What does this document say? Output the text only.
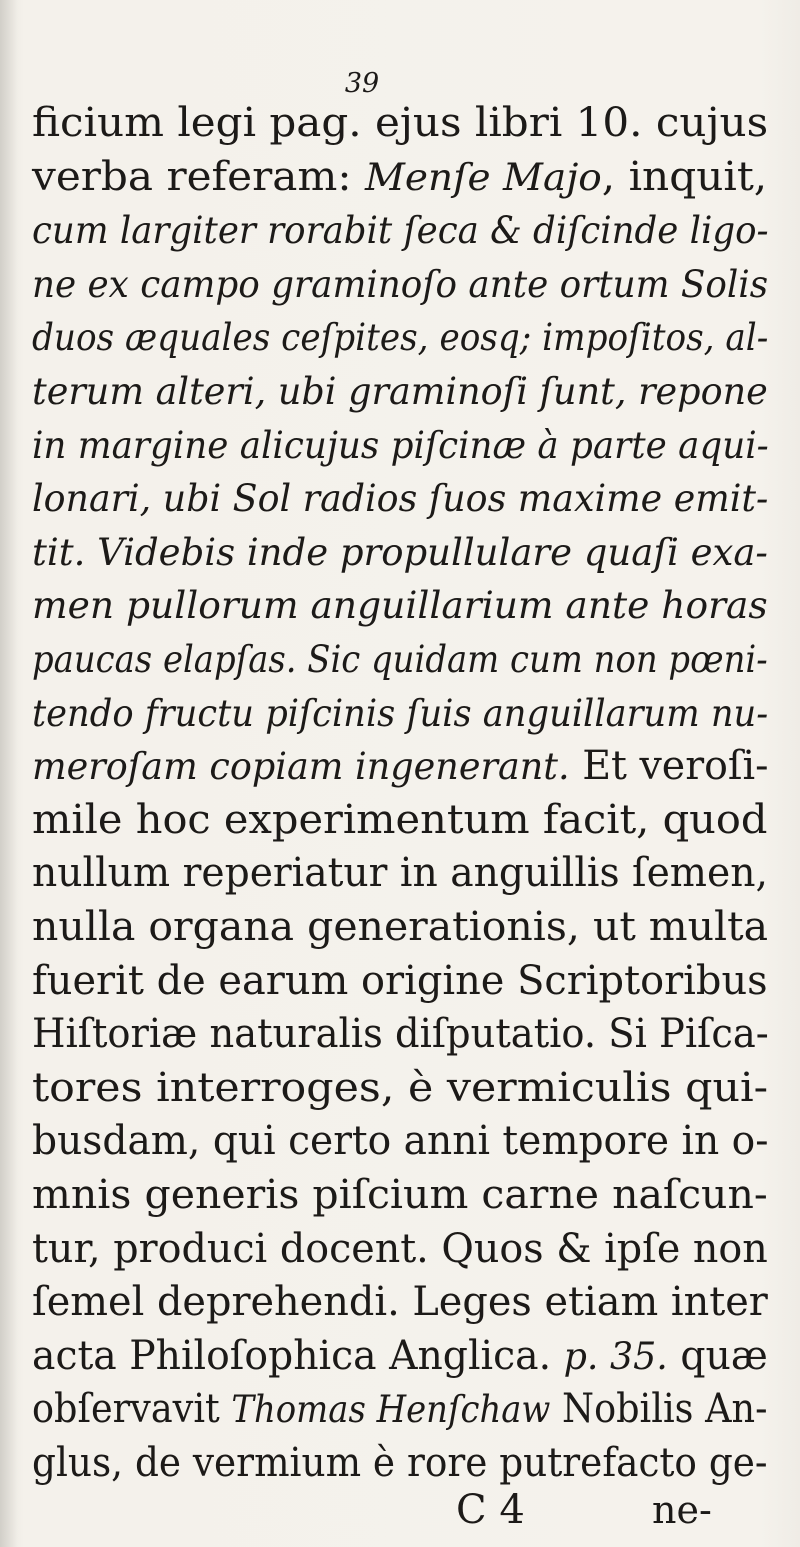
39
ficium legi pag. ejus libri 10. cujus
verba referam: Menſe Majo, inquit,
cum largiter rorabit ſeca & diſcinde ligo-
ne ex campo graminoſo ante ortum Solis
duos æquales ceſpites, eosq; impoſitos, al-
terum alteri, ubi graminoſi ſunt, repone
in margine alicujus piſcinæ à parte aqui-
lonari, ubi Sol radios ſuos maxime emit-
tit. Videbis inde propullulare quaſi exa-
men pullorum anguillarium ante horas
paucas elapſas. Sic quidam cum non pœni-
tendo fructu piſcinis ſuis anguillarum nu-
meroſam copiam ingenerant. Et veroſi-
mile hoc experimentum facit, quod
nullum reperiatur in anguillis ſemen,
nulla organa generationis, ut multa
fuerit de earum origine Scriptoribus
Hiſtoriæ naturalis diſputatio. Si Piſca-
tores interroges, è vermiculis qui-
busdam, qui certo anni tempore in o-
mnis generis piſcium carne naſcun-
tur, produci docent. Quos & ipſe non
ſemel deprehendi. Leges etiam inter
acta Philoſophica Anglica. p. 35. quæ
obſervavit Thomas Henſchaw Nobilis An-
glus, de vermium è rore putrefacto ge-
C 4	ne-
